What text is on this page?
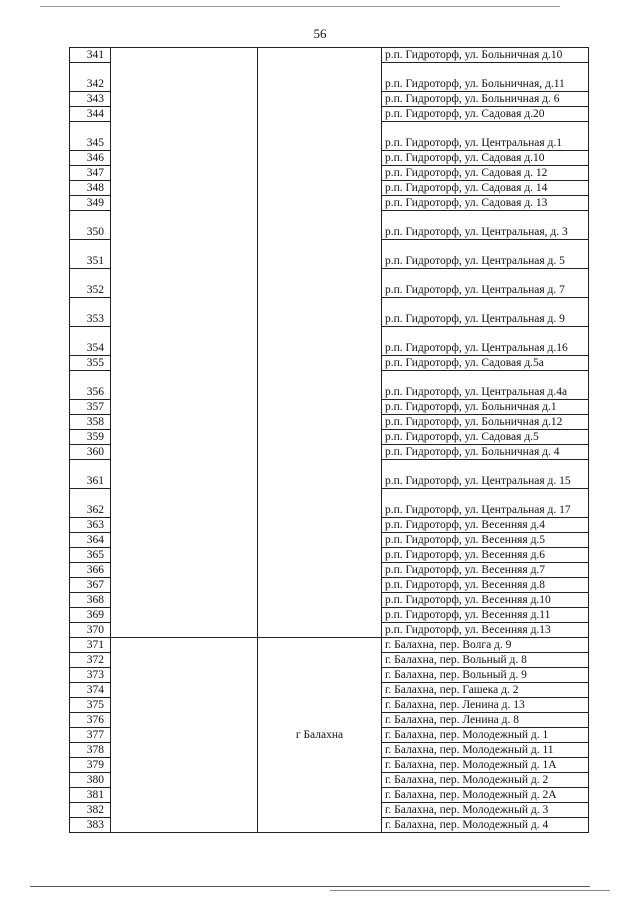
56
341			р.п. Гидроторф, ул. Больничная д.10
342			р.п. Гидроторф, ул. Больничная, д.11
343			р.п. Гидроторф, ул. Больничная д. 6
344			р.п. Гидроторф, ул. Садовая д.20
345			р.п. Гидроторф, ул. Центральная д.1
346			р.п. Гидроторф, ул. Садовая д.10
347			р.п. Гидроторф, ул. Садовая д. 12
348			р.п. Гидроторф, ул. Садовая д. 14
349			р.п. Гидроторф, ул. Садовая д. 13
350			р.п. Гидроторф, ул. Центральная, д. 3
351			р.п. Гидроторф, ул. Центральная д. 5
352			р.п. Гидроторф, ул. Центральная д. 7
353			р.п. Гидроторф, ул. Центральная д. 9
354			р.п. Гидроторф, ул. Центральная д.16
355			р.п. Гидроторф, ул. Садовая д.5а
356			р.п. Гидроторф, ул. Центральная д.4а
357			р.п. Гидроторф, ул. Больничная д.1
358			р.п. Гидроторф, ул. Больничная д.12
359			р.п. Гидроторф, ул. Садовая д.5
360			р.п. Гидроторф, ул. Больничная д. 4
361			р.п. Гидроторф, ул. Центральная д. 15
362			р.п. Гидроторф, ул. Центральная д. 17
363			р.п. Гидроторф, ул. Весенняя д.4
364			р.п. Гидроторф, ул. Весенняя д.5
365			р.п. Гидроторф, ул. Весенняя д.6
366			р.п. Гидроторф, ул. Весенняя д.7
367			р.п. Гидроторф, ул. Весенняя д.8
368			р.п. Гидроторф, ул. Весенняя д.10
369			р.п. Гидроторф, ул. Весенняя д.11
370			р.п. Гидроторф, ул. Весенняя д.13
371		г Балахна	г. Балахна, пер. Волга д. 9
372			г. Балахна, пер. Вольный д. 8
373			г. Балахна, пер. Вольный д. 9
374			г. Балахна, пер. Гашека д. 2
375			г. Балахна, пер. Ленина д. 13
376			г. Балахна, пер. Ленина д. 8
377			г. Балахна, пер. Молодежный д. 1
378			г. Балахна, пер. Молодежный д. 11
379			г. Балахна, пер. Молодежный д. 1А
380			г. Балахна, пер. Молодежный д. 2
381			г. Балахна, пер. Молодежный д. 2А
382			г. Балахна, пер. Молодежный д. 3
383			г. Балахна, пер. Молодежный д. 4
